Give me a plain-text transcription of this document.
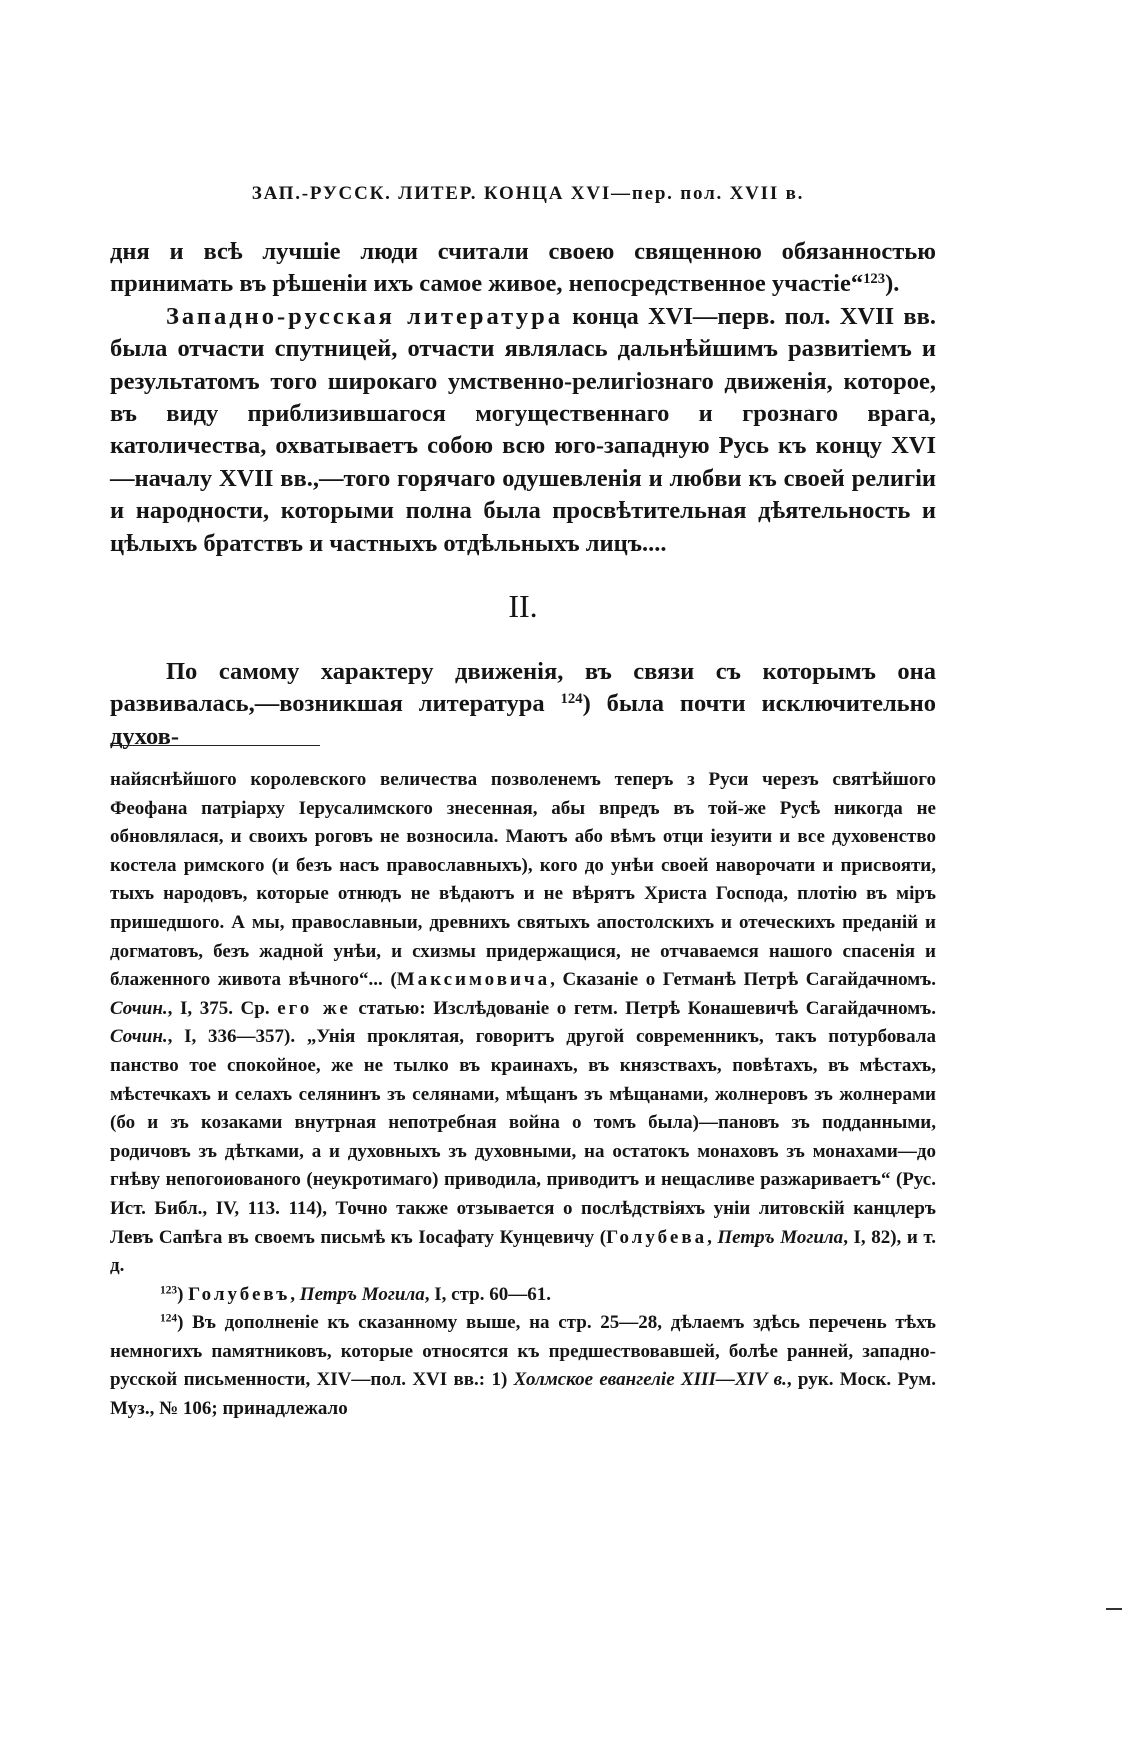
ЗАП.-РУССК. ЛИТЕР. КОНЦА XVI—пер. пол. XVII в.

дня и всѣ лучшіе люди считали своею священною обязанностью принимать въ рѣшеніи ихъ самое живое, непосредственное участіе“$^{123}$).

Западно-русская литература конца XVI—перв. пол. XVII вв. была отчасти спутницей, отчасти являлась дальнѣйшимъ развитіемъ и результатомъ того широкаго умственно-религіознаго движенія, которое, въ виду приблизившагося могущественнаго и грознаго врага, католичества, охватываетъ собою всю юго-западную Русь къ концу XVI—началу XVII вв.,—того горячаго одушевленія и любви къ своей религіи и народности, которыми полна была просвѣтительная дѣятельность и цѣлыхъ братствъ и частныхъ отдѣльныхъ лицъ....

II.

По самому характеру движенія, въ связи съ которымъ она развивалась,—возникшая литература $^{124}$) была почти исключительно духов-

найяснѣйшого королевского величества позволенемъ теперъ з Руси черезъ святѣйшого Феофана патріарху Іерусалимского знесенная, абы впредъ въ той-же Русѣ никогда не обновлялася, и своихъ роговъ не возносила. Маютъ або вѣмъ отци іезуити и все духовенство костела римского (и безъ насъ православныхъ), кого до унѣи своей наворочати и присвояти, тыхъ народовъ, которые отнюдъ не вѣдаютъ и не вѣрятъ Христа Господа, плотію въ міръ пришедшого. А мы, православныи, древнихъ святыхъ апостолскихъ и отеческихъ преданій и догматовъ, безъ жадной унѣи, и схизмы придержащися, не отчаваемся нашого спасенія и блаженного живота вѣчного“... (Максимовича, Сказаніе о Гетманѣ Петрѣ Сагайдачномъ. Сочин., I, 375. Ср. его же статью: Изслѣдованіе о гетм. Петрѣ Конашевичѣ Сагайдачномъ. Сочин., I, 336—357). „Унія проклятая, говоритъ другой современникъ, такъ потурбовала панство тое спокойное, же не тылко въ краинахъ, въ князствахъ, повѣтахъ, въ мѣстахъ, мѣстечкахъ и селахъ селянинъ зъ селянами, мѣщанъ зъ мѣщанами, жолнеровъ зъ жолнерами (бо и зъ козаками внутрная непотребная война о томъ была)—пановъ зъ подданными, родичовъ зъ дѣтками, а и духовныхъ зъ духовными, на остатокъ монаховъ зъ монахами—до гнѣву непогоиованого (неукротимаго) приводила, приводитъ и нещасливе разжариваетъ“ (Рус. Ист. Библ., IV, 113. 114), Точно также отзывается о послѣдствіяхъ уніи литовскій канцлеръ Левъ Сапѣга въ своемъ письмѣ къ Іосафату Кунцевичу (Голубева, Петръ Могила, I, 82), и т. д.

$^{123}$) Голубевъ, Петръ Могила, I, стр. 60—61.

$^{124}$) Въ дополненіе къ сказанному выше, на стр. 25—28, дѣлаемъ здѣсь перечень тѣхъ немногихъ памятниковъ, которые относятся къ предшествовавшей, болѣе ранней, западно-русской письменности, XIV—пол. XVI вв.: 1) Холмское евангеліе XIII—XIV в., рук. Моск. Рум. Муз., № 106; принадлежало
